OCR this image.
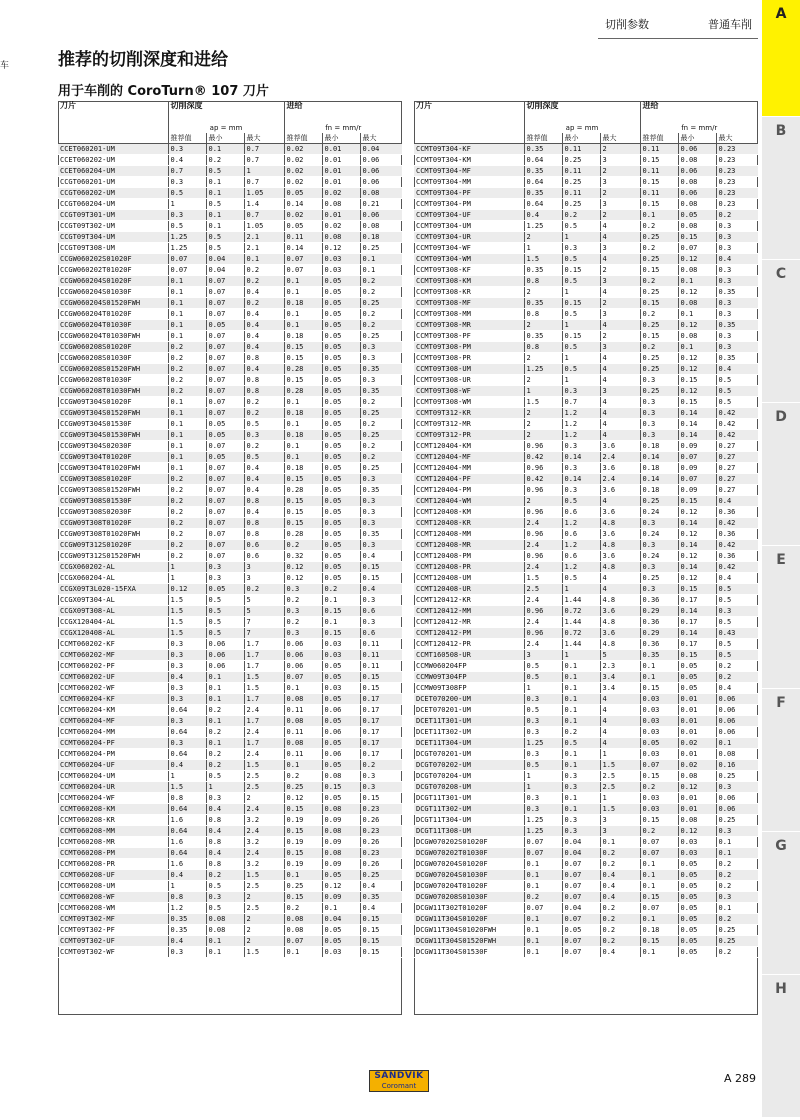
切削参数	普通车削
车	推荐的切削深度和进给
用于车削的 CoroTurn® 107 刀片
A
B
C
D
E
F
G
H
刀片	切削深度			进给		
	ap = mm			fn = mm/r		
	推荐值	最小	最大	推荐值	最小	最大
CCET060201-UM	0.3	0.1	0.7	0.02	0.01	0.04
CCET060202-UM	0.4	0.2	0.7	0.02	0.01	0.06
CCET060204-UM	0.7	0.5	1	0.02	0.01	0.06
CCGT060201-UM	0.3	0.1	0.7	0.02	0.01	0.06
CCGT060202-UM	0.5	0.1	1.05	0.05	0.02	0.08
CCGT060204-UM	1	0.5	1.4	0.14	0.08	0.21
CCGT09T301-UM	0.3	0.1	0.7	0.02	0.01	0.06
CCGT09T302-UM	0.5	0.1	1.05	0.05	0.02	0.08
CCGT09T304-UM	1.25	0.5	2.1	0.11	0.08	0.18
CCGT09T308-UM	1.25	0.5	2.1	0.14	0.12	0.25
CCGW060202S01020F	0.07	0.04	0.1	0.07	0.03	0.1
CCGW060202T01020F	0.07	0.04	0.2	0.07	0.03	0.1
CCGW060204S01020F	0.1	0.07	0.2	0.1	0.05	0.2
CCGW060204S01030F	0.1	0.07	0.4	0.1	0.05	0.2
CCGW060204S01520FWH	0.1	0.07	0.2	0.18	0.05	0.25
CCGW060204T01020F	0.1	0.07	0.4	0.1	0.05	0.2
CCGW060204T01030F	0.1	0.05	0.4	0.1	0.05	0.2
CCGW060204T01030FWH	0.1	0.07	0.4	0.18	0.05	0.25
CCGW060208S01020F	0.2	0.07	0.4	0.15	0.05	0.3
CCGW060208S01030F	0.2	0.07	0.8	0.15	0.05	0.3
CCGW060208S01520FWH	0.2	0.07	0.4	0.28	0.05	0.35
CCGW060208T01030F	0.2	0.07	0.8	0.15	0.05	0.3
CCGW060208T01030FWH	0.2	0.07	0.8	0.28	0.05	0.35
CCGW09T304S01020F	0.1	0.07	0.2	0.1	0.05	0.2
CCGW09T304S01520FWH	0.1	0.07	0.2	0.18	0.05	0.25
CCGW09T304S01530F	0.1	0.05	0.5	0.1	0.05	0.2
CCGW09T304S01530FWH	0.1	0.05	0.3	0.18	0.05	0.25
CCGW09T304S02030F	0.1	0.07	0.2	0.1	0.05	0.2
CCGW09T304T01020F	0.1	0.05	0.5	0.1	0.05	0.2
CCGW09T304T01020FWH	0.1	0.07	0.4	0.18	0.05	0.25
CCGW09T308S01020F	0.2	0.07	0.4	0.15	0.05	0.3
CCGW09T308S01520FWH	0.2	0.07	0.4	0.28	0.05	0.35
CCGW09T308S01530F	0.2	0.07	0.8	0.15	0.05	0.3
CCGW09T308S02030F	0.2	0.07	0.4	0.15	0.05	0.3
CCGW09T308T01020F	0.2	0.07	0.8	0.15	0.05	0.3
CCGW09T308T01020FWH	0.2	0.07	0.8	0.28	0.05	0.35
CCGW09T312S01020F	0.2	0.07	0.6	0.2	0.05	0.3
CCGW09T312S01520FWH	0.2	0.07	0.6	0.32	0.05	0.4
CCGX060202-AL	1	0.3	3	0.12	0.05	0.15
CCGX060204-AL	1	0.3	3	0.12	0.05	0.15
CCGX09T3L020-15FXA	0.12	0.05	0.2	0.3	0.2	0.4
CCGX09T304-AL	1.5	0.5	5	0.2	0.1	0.3
CCGX09T308-AL	1.5	0.5	5	0.3	0.15	0.6
CCGX120404-AL	1.5	0.5	7	0.2	0.1	0.3
CCGX120408-AL	1.5	0.5	7	0.3	0.15	0.6
CCMT060202-KF	0.3	0.06	1.7	0.06	0.03	0.11
CCMT060202-MF	0.3	0.06	1.7	0.06	0.03	0.11
CCMT060202-PF	0.3	0.06	1.7	0.06	0.05	0.11
CCMT060202-UF	0.4	0.1	1.5	0.07	0.05	0.15
CCMT060202-WF	0.3	0.1	1.5	0.1	0.03	0.15
CCMT060204-KF	0.3	0.1	1.7	0.08	0.05	0.17
CCMT060204-KM	0.64	0.2	2.4	0.11	0.06	0.17
CCMT060204-MF	0.3	0.1	1.7	0.08	0.05	0.17
CCMT060204-MM	0.64	0.2	2.4	0.11	0.06	0.17
CCMT060204-PF	0.3	0.1	1.7	0.08	0.05	0.17
CCMT060204-PM	0.64	0.2	2.4	0.11	0.06	0.17
CCMT060204-UF	0.4	0.2	1.5	0.1	0.05	0.2
CCMT060204-UM	1	0.5	2.5	0.2	0.08	0.3
CCMT060204-UR	1.5	1	2.5	0.25	0.15	0.3
CCMT060204-WF	0.8	0.3	2	0.12	0.05	0.15
CCMT060208-KM	0.64	0.4	2.4	0.15	0.08	0.23
CCMT060208-KR	1.6	0.8	3.2	0.19	0.09	0.26
CCMT060208-MM	0.64	0.4	2.4	0.15	0.08	0.23
CCMT060208-MR	1.6	0.8	3.2	0.19	0.09	0.26
CCMT060208-PM	0.64	0.4	2.4	0.15	0.08	0.23
CCMT060208-PR	1.6	0.8	3.2	0.19	0.09	0.26
CCMT060208-UF	0.4	0.2	1.5	0.1	0.05	0.25
CCMT060208-UM	1	0.5	2.5	0.25	0.12	0.4
CCMT060208-WF	0.8	0.3	2	0.15	0.09	0.35
CCMT060208-WM	1.2	0.5	2.5	0.2	0.1	0.4
CCMT09T302-MF	0.35	0.08	2	0.08	0.04	0.15
CCMT09T302-PF	0.35	0.08	2	0.08	0.05	0.15
CCMT09T302-UF	0.4	0.1	2	0.07	0.05	0.15
CCMT09T302-WF	0.3	0.1	1.5	0.1	0.03	0.15
刀片	切削深度			进给		
	ap = mm			fn = mm/r		
	推荐值	最小	最大	推荐值	最小	最大
CCMT09T304-KF	0.35	0.11	2	0.11	0.06	0.23
CCMT09T304-KM	0.64	0.25	3	0.15	0.08	0.23
CCMT09T304-MF	0.35	0.11	2	0.11	0.06	0.23
CCMT09T304-MM	0.64	0.25	3	0.15	0.08	0.23
CCMT09T304-PF	0.35	0.11	2	0.11	0.06	0.23
CCMT09T304-PM	0.64	0.25	3	0.15	0.08	0.23
CCMT09T304-UF	0.4	0.2	2	0.1	0.05	0.2
CCMT09T304-UM	1.25	0.5	4	0.2	0.08	0.3
CCMT09T304-UR	2	1	4	0.25	0.15	0.3
CCMT09T304-WF	1	0.3	3	0.2	0.07	0.3
CCMT09T304-WM	1.5	0.5	4	0.25	0.12	0.4
CCMT09T308-KF	0.35	0.15	2	0.15	0.08	0.3
CCMT09T308-KM	0.8	0.5	3	0.2	0.1	0.3
CCMT09T308-KR	2	1	4	0.25	0.12	0.35
CCMT09T308-MF	0.35	0.15	2	0.15	0.08	0.3
CCMT09T308-MM	0.8	0.5	3	0.2	0.1	0.3
CCMT09T308-MR	2	1	4	0.25	0.12	0.35
CCMT09T308-PF	0.35	0.15	2	0.15	0.08	0.3
CCMT09T308-PM	0.8	0.5	3	0.2	0.1	0.3
CCMT09T308-PR	2	1	4	0.25	0.12	0.35
CCMT09T308-UM	1.25	0.5	4	0.25	0.12	0.4
CCMT09T308-UR	2	1	4	0.3	0.15	0.5
CCMT09T308-WF	1	0.3	3	0.25	0.12	0.5
CCMT09T308-WM	1.5	0.7	4	0.3	0.15	0.5
CCMT09T312-KR	2	1.2	4	0.3	0.14	0.42
CCMT09T312-MR	2	1.2	4	0.3	0.14	0.42
CCMT09T312-PR	2	1.2	4	0.3	0.14	0.42
CCMT120404-KM	0.96	0.3	3.6	0.18	0.09	0.27
CCMT120404-MF	0.42	0.14	2.4	0.14	0.07	0.27
CCMT120404-MM	0.96	0.3	3.6	0.18	0.09	0.27
CCMT120404-PF	0.42	0.14	2.4	0.14	0.07	0.27
CCMT120404-PM	0.96	0.3	3.6	0.18	0.09	0.27
CCMT120404-WM	2	0.5	4	0.25	0.15	0.4
CCMT120408-KM	0.96	0.6	3.6	0.24	0.12	0.36
CCMT120408-KR	2.4	1.2	4.8	0.3	0.14	0.42
CCMT120408-MM	0.96	0.6	3.6	0.24	0.12	0.36
CCMT120408-MR	2.4	1.2	4.8	0.3	0.14	0.42
CCMT120408-PM	0.96	0.6	3.6	0.24	0.12	0.36
CCMT120408-PR	2.4	1.2	4.8	0.3	0.14	0.42
CCMT120408-UM	1.5	0.5	4	0.25	0.12	0.4
CCMT120408-UR	2.5	1	4	0.3	0.15	0.5
CCMT120412-KR	2.4	1.44	4.8	0.36	0.17	0.5
CCMT120412-MM	0.96	0.72	3.6	0.29	0.14	0.3
CCMT120412-MR	2.4	1.44	4.8	0.36	0.17	0.5
CCMT120412-PM	0.96	0.72	3.6	0.29	0.14	0.43
CCMT120412-PR	2.4	1.44	4.8	0.36	0.17	0.5
CCMT160508-UR	3	1	5	0.35	0.15	0.5
CCMW060204FP	0.5	0.1	2.3	0.1	0.05	0.2
CCMW09T304FP	0.5	0.1	3.4	0.1	0.05	0.2
CCMW09T308FP	1	0.1	3.4	0.15	0.05	0.4
DCET070200-UM	0.3	0.1	4	0.03	0.01	0.06
DCET070201-UM	0.5	0.1	4	0.03	0.01	0.06
DCET11T301-UM	0.3	0.1	4	0.03	0.01	0.06
DCET11T302-UM	0.3	0.2	4	0.03	0.01	0.06
DCET11T304-UM	1.25	0.5	4	0.05	0.02	0.1
DCGT070201-UM	0.3	0.1	1	0.03	0.01	0.08
DCGT070202-UM	0.5	0.1	1.5	0.07	0.02	0.16
DCGT070204-UM	1	0.3	2.5	0.15	0.08	0.25
DCGT070208-UM	1	0.3	2.5	0.2	0.12	0.3
DCGT11T301-UM	0.3	0.1	1	0.03	0.01	0.06
DCGT11T302-UM	0.3	0.1	1.5	0.03	0.01	0.06
DCGT11T304-UM	1.25	0.3	3	0.15	0.08	0.25
DCGT11T308-UM	1.25	0.3	3	0.2	0.12	0.3
DCGW070202S01020F	0.07	0.04	0.1	0.07	0.03	0.1
DCGW070202T01030F	0.07	0.04	0.2	0.07	0.03	0.1
DCGW070204S01020F	0.1	0.07	0.2	0.1	0.05	0.2
DCGW070204S01030F	0.1	0.07	0.4	0.1	0.05	0.2
DCGW070204T01020F	0.1	0.07	0.4	0.1	0.05	0.2
DCGW070208S01030F	0.2	0.07	0.4	0.15	0.05	0.3
DCGW11T302T01020F	0.07	0.04	0.2	0.07	0.05	0.1
DCGW11T304S01020F	0.1	0.07	0.2	0.1	0.05	0.2
DCGW11T304S01020FWH	0.1	0.05	0.2	0.18	0.05	0.25
DCGW11T304S01520FWH	0.1	0.07	0.2	0.15	0.05	0.25
DCGW11T304S01530F	0.1	0.07	0.4	0.1	0.05	0.2
SANDVIK
Coromant
A 289
